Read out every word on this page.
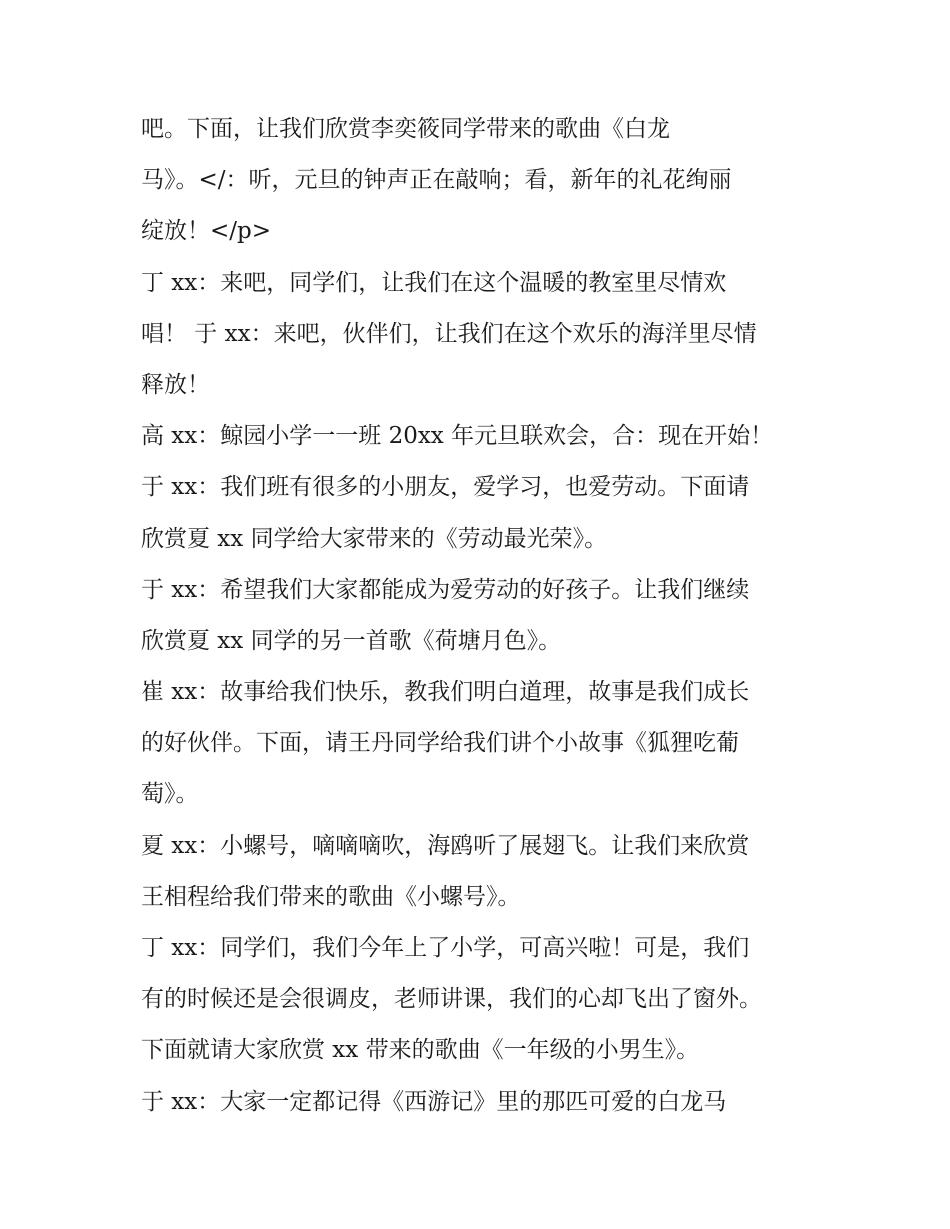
吧。下面，让我们欣赏李奕筱同学带来的歌曲《白龙
马》。</：听，元旦的钟声正在敲响；看，新年的礼花绚丽
绽放！</p>
丁 xx：来吧，同学们，让我们在这个温暖的教室里尽情欢
唱！ 于 xx：来吧，伙伴们，让我们在这个欢乐的海洋里尽情
释放！
高 xx：鲸园小学一一班 20xx 年元旦联欢会，合：现在开始！
于 xx：我们班有很多的小朋友，爱学习，也爱劳动。下面请
欣赏夏 xx 同学给大家带来的《劳动最光荣》。
于 xx：希望我们大家都能成为爱劳动的好孩子。让我们继续
欣赏夏 xx 同学的另一首歌《荷塘月色》。
崔 xx：故事给我们快乐，教我们明白道理，故事是我们成长
的好伙伴。下面，请王丹同学给我们讲个小故事《狐狸吃葡
萄》。
夏 xx：小螺号，嘀嘀嘀吹，海鸥听了展翅飞。让我们来欣赏
王相程给我们带来的歌曲《小螺号》。
丁 xx：同学们，我们今年上了小学，可高兴啦！可是，我们
有的时候还是会很调皮，老师讲课，我们的心却飞出了窗外。
下面就请大家欣赏 xx 带来的歌曲《一年级的小男生》。
于 xx：大家一定都记得《西游记》里的那匹可爱的白龙马
